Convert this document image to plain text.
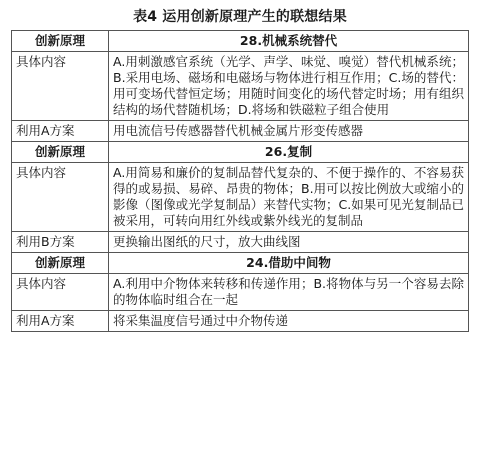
表4 运用创新原理产生的联想结果
创新原理	28.机械系统替代
具体内容	A.用刺激感官系统（光学、声学、味觉、嗅觉）替代机械系统；B.采用电场、磁场和电磁场与物体进行相互作用；C.场的替代：用可变场代替恒定场；用随时间变化的场代替定时场；用有组织结构的场代替随机场；D.将场和铁磁粒子组合使用

利用A方案	用电流信号传感器替代机械金属片形变传感器
创新原理	26.复制
具体内容	A.用简易和廉价的复制品替代复杂的、不便于操作的、不容易获得的或易损、易碎、昂贵的物体；B.用可以按比例放大或缩小的影像（图像或光学复制品）来替代实物；C.如果可见光复制品已被采用，可转向用红外线或紫外线光的复制品

利用B方案	更换输出图纸的尺寸，放大曲线图
创新原理	24.借助中间物
具体内容	A.利用中介物体来转移和传递作用；B.将物体与另一个容易去除的物体临时组合在一起

利用A方案	将采集温度信号通过中介物传递
